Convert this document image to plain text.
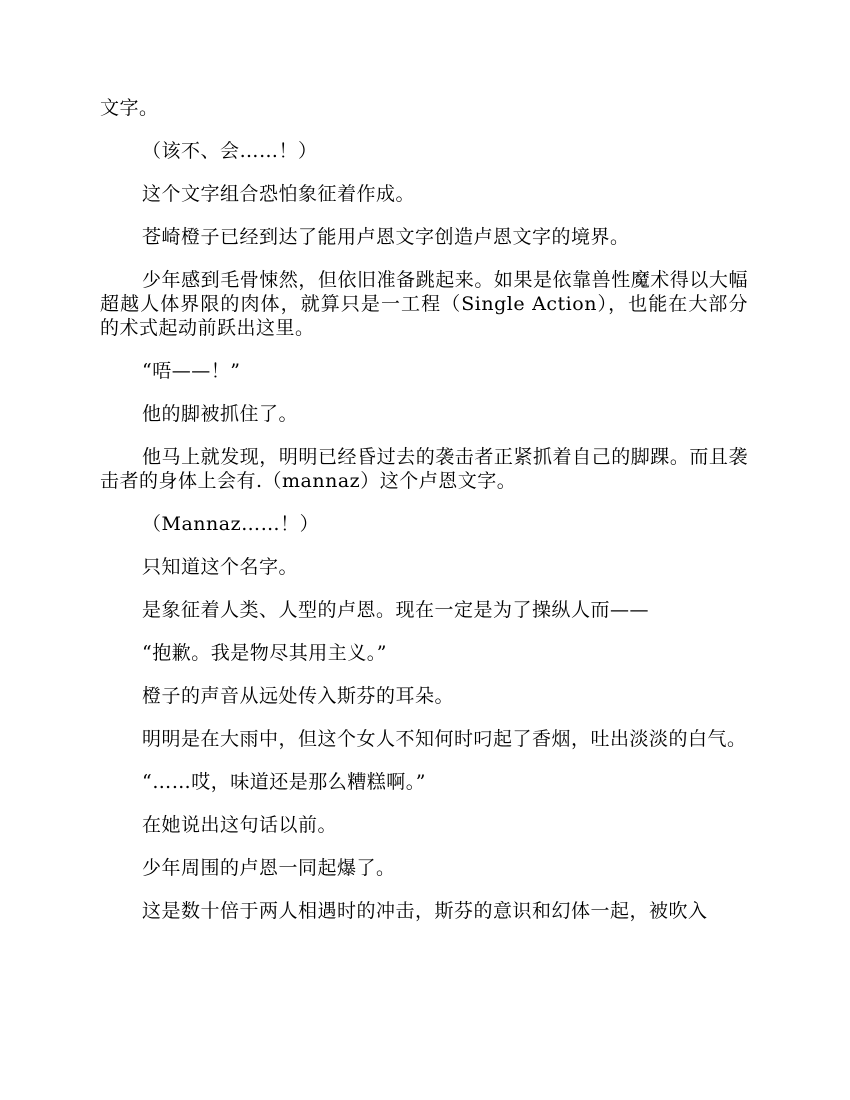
文字。

（该不、会……！）

这个文字组合恐怕象征着作成。

苍崎橙子已经到达了能用卢恩文字创造卢恩文字的境界。

少年感到毛骨悚然，但依旧准备跳起来。如果是依靠兽性魔术得以大幅超越人体界限的肉体，就算只是一工程（Single Action），也能在大部分的术式起动前跃出这里。

“唔——！”

他的脚被抓住了。

他马上就发现，明明已经昏过去的袭击者正紧抓着自己的脚踝。而且袭击者的身体上会有.（mannaz）这个卢恩文字。

（Mannaz……！）

只知道这个名字。

是象征着人类、人型的卢恩。现在一定是为了操纵人而——

“抱歉。我是物尽其用主义。”

橙子的声音从远处传入斯芬的耳朵。

明明是在大雨中，但这个女人不知何时叼起了香烟，吐出淡淡的白气。

“……哎，味道还是那么糟糕啊。”

在她说出这句话以前。

少年周围的卢恩一同起爆了。

这是数十倍于两人相遇时的冲击，斯芬的意识和幻体一起，被吹入
